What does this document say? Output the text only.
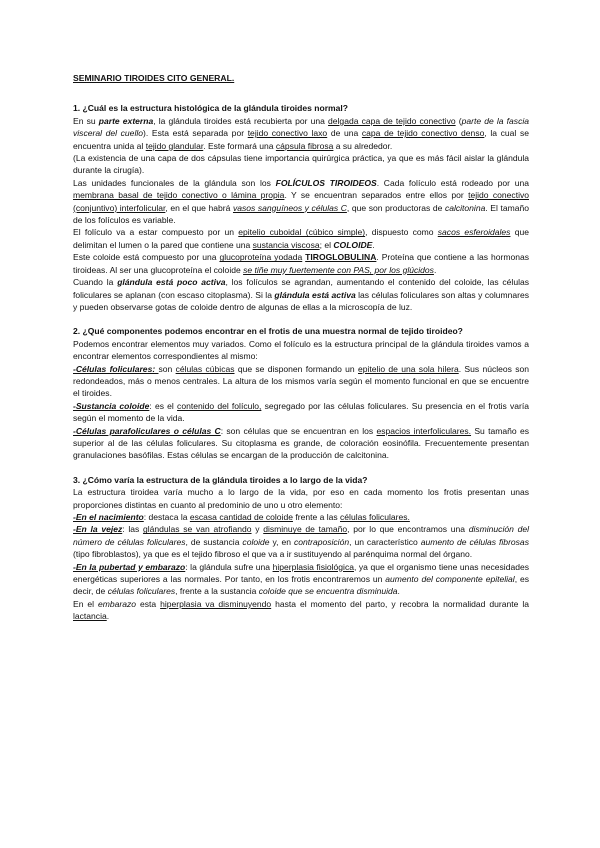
SEMINARIO TIROIDES CITO GENERAL.

1. ¿Cuál es la estructura histológica de la glándula tiroides normal?

En su parte externa, la glándula tiroides está recubierta por una delgada capa de tejido conectivo (parte de la fascia visceral del cuello). Esta está separada por tejido conectivo laxo de una capa de tejido conectivo denso, la cual se encuentra unida al tejido glandular. Este formará una cápsula fibrosa a su alrededor.

(La existencia de una capa de dos cápsulas tiene importancia quirúrgica práctica, ya que es más fácil aislar la glándula durante la cirugía).

Las unidades funcionales de la glándula son los FOLÍCULOS TIROIDEOS. Cada folículo está rodeado por una membrana basal de tejido conectivo o lámina propia. Y se encuentran separados entre ellos por tejido conectivo (conjuntivo) interfolicular, en el que habrá vasos sanguíneos y células C, que son productoras de calcitonina. El tamaño de los folículos es variable.

El folículo va a estar compuesto por un epitelio cuboidal (cúbico simple), dispuesto como sacos esferoidales que delimitan el lumen o la pared que contiene una sustancia viscosa; el COLOIDE.

Este coloide está compuesto por una glucoproteína yodada TIROGLOBULINA. Proteína que contiene a las hormonas tiroideas. Al ser una glucoproteína el coloide se tiñe muy fuertemente con PAS, por los glúcidos.

Cuando la glándula está poco activa, los folículos se agrandan, aumentando el contenido del coloide, las células foliculares se aplanan (con escaso citoplasma). Si la glándula está activa las células foliculares son altas y columnares y pueden observarse gotas de coloide dentro de algunas de ellas a la microscopía de luz.

2. ¿Qué componentes podemos encontrar en el frotis de una muestra normal de tejido tiroideo?

Podemos encontrar elementos muy variados. Como el folículo es la estructura principal de la glándula tiroides vamos a encontrar elementos correspondientes al mismo:

-Células foliculares: son células cúbicas que se disponen formando un epitelio de una sola hilera. Sus núcleos son redondeados, más o menos centrales. La altura de los mismos varía según el momento funcional en que se encuentre el tiroides.

-Sustancia coloide: es el contenido del folículo, segregado por las células foliculares. Su presencia en el frotis varía según el momento de la vida.

-Células parafoliculares o células C: son células que se encuentran en los espacios interfoliculares. Su tamaño es superior al de las células foliculares. Su citoplasma es grande, de coloración eosinófila. Frecuentemente presentan granulaciones basófilas. Estas células se encargan de la producción de calcitonina.

3. ¿Cómo varía la estructura de la glándula tiroides a lo largo de la vida?

La estructura tiroidea varía mucho a lo largo de la vida, por eso en cada momento los frotis presentan unas proporciones distintas en cuanto al predominio de uno u otro elemento:

-En el nacimiento: destaca la escasa cantidad de coloide frente a las células foliculares.

-En la vejez: las glándulas se van atrofiando y disminuye de tamaño, por lo que encontramos una disminución del número de células foliculares, de sustancia coloide y, en contraposición, un característico aumento de células fibrosas (tipo fibroblastos), ya que es el tejido fibroso el que va a ir sustituyendo al parénquima normal del órgano.

-En la pubertad y embarazo: la glándula sufre una hiperplasia fisiológica, ya que el organismo tiene unas necesidades energéticas superiores a las normales. Por tanto, en los frotis encontraremos un aumento del componente epitelial, es decir, de células foliculares, frente a la sustancia coloide que se encuentra disminuida.

En el embarazo esta hiperplasia va disminuyendo hasta el momento del parto, y recobra la normalidad durante la lactancia.
